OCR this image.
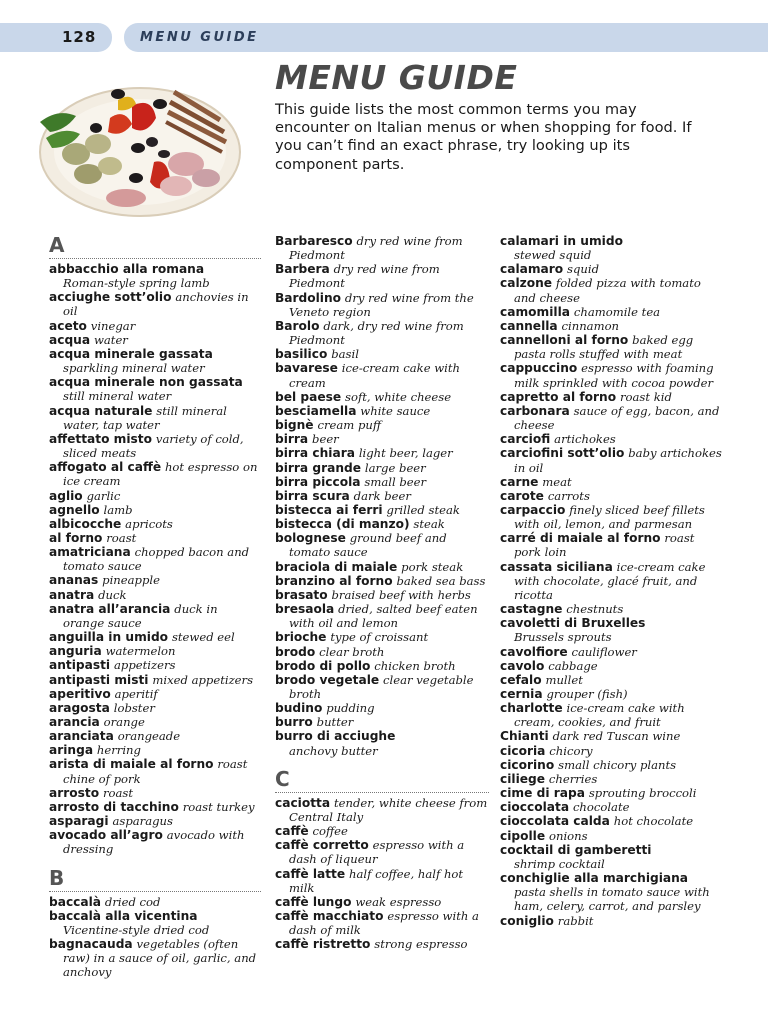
128	MENU GUIDE
MENU GUIDE

This guide lists the most common terms you may encounter on Italian menus or when shopping for food. If you can’t find an exact phrase, try looking up its component parts.

A
abbacchio alla romana
Roman-style spring lamb
acciughe sott’olio anchovies in oil
aceto vinegar
acqua water
acqua minerale gassata
sparkling mineral water
acqua minerale non gassata
still mineral water
acqua naturale still mineral water, tap water
affettato misto variety of cold, sliced meats
affogato al caffè hot espresso on ice cream
aglio garlic
agnello lamb
albicocche apricots
al forno roast
amatriciana chopped bacon and tomato sauce
ananas pineapple
anatra duck
anatra all’arancia duck in orange sauce
anguilla in umido stewed eel
anguria watermelon
antipasti appetizers
antipasti misti mixed appetizers
aperitivo aperitif
aragosta lobster
arancia orange
aranciata orangeade
aringa herring
arista di maiale al forno roast chine of pork
arrosto roast
arrosto di tacchino roast turkey
asparagi asparagus
avocado all’agro avocado with dressing
B
baccalà dried cod
baccalà alla vicentina
Vicentine-style dried cod
bagnacauda vegetables (often raw) in a sauce of oil, garlic, and anchovy
Barbaresco dry red wine from Piedmont
Barbera dry red wine from Piedmont
Bardolino dry red wine from the Veneto region
Barolo dark, dry red wine from Piedmont
basilico basil
bavarese ice-cream cake with cream
bel paese soft, white cheese
besciamella white sauce
bignè cream puff
birra beer
birra chiara light beer, lager
birra grande large beer
birra piccola small beer
birra scura dark beer
bistecca ai ferri grilled steak
bistecca (di manzo) steak
bolognese ground beef and tomato sauce
braciola di maiale pork steak
branzino al forno baked sea bass
brasato braised beef with herbs
bresaola dried, salted beef eaten with oil and lemon
brioche type of croissant
brodo clear broth
brodo di pollo chicken broth
brodo vegetale clear vegetable broth
budino pudding
burro butter
burro di acciughe
anchovy butter
C
caciotta tender, white cheese from Central Italy
caffè coffee
caffè corretto espresso with a dash of liqueur
caffè latte half coffee, half hot milk
caffè lungo weak espresso
caffè macchiato espresso with a dash of milk
caffè ristretto strong espresso
calamari in umido
stewed squid
calamaro squid
calzone folded pizza with tomato and cheese
camomilla chamomile tea
cannella cinnamon
cannelloni al forno baked egg pasta rolls stuffed with meat
cappuccino espresso with foaming milk sprinkled with cocoa powder
capretto al forno roast kid
carbonara sauce of egg, bacon, and cheese
carciofi artichokes
carciofini sott’olio baby artichokes in oil
carne meat
carote carrots
carpaccio finely sliced beef fillets with oil, lemon, and parmesan
carré di maiale al forno roast pork loin
cassata siciliana ice-cream cake with chocolate, glacé fruit, and ricotta
castagne chestnuts
cavoletti di Bruxelles
Brussels sprouts
cavolfiore cauliflower
cavolo cabbage
cefalo mullet
cernia grouper (fish)
charlotte ice-cream cake with cream, cookies, and fruit
Chianti dark red Tuscan wine
cicoria chicory
cicorino small chicory plants
ciliege cherries
cime di rapa sprouting broccoli
cioccolata chocolate
cioccolata calda hot chocolate
cipolle onions
cocktail di gamberetti
shrimp cocktail
conchiglie alla marchigiana pasta shells in tomato sauce with ham, celery, carrot, and parsley
coniglio rabbit
